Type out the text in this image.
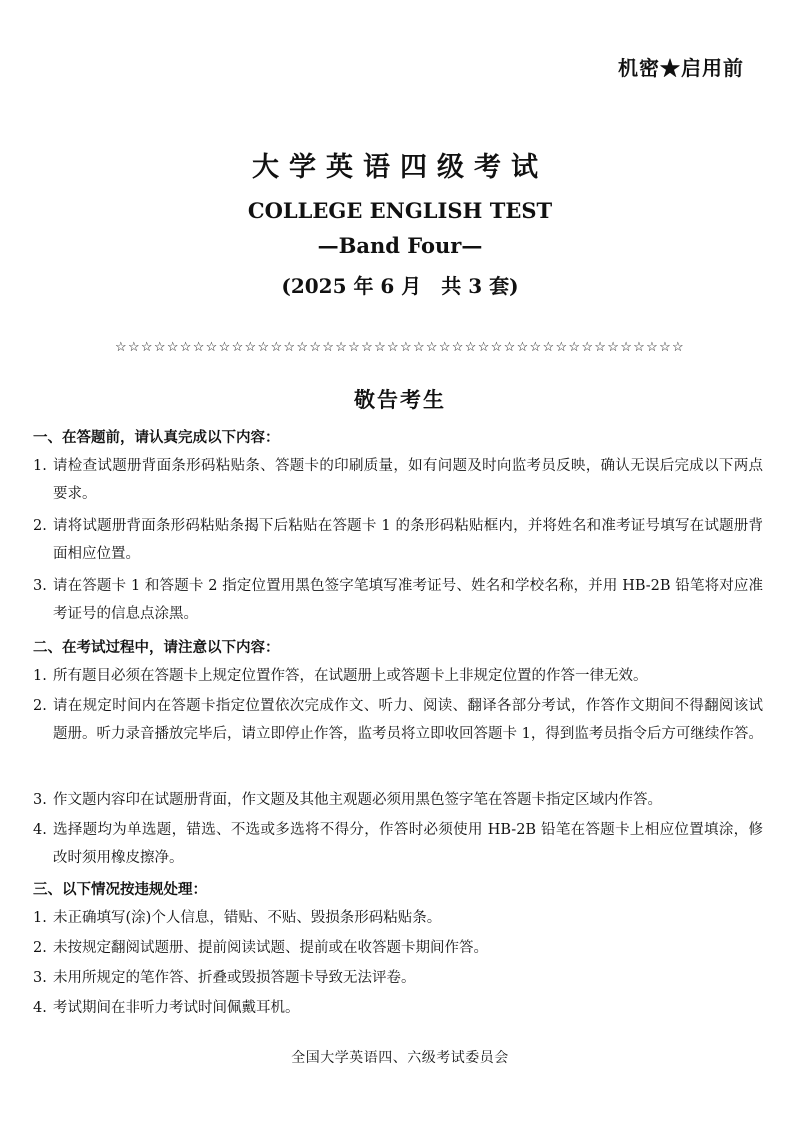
机密★启用前
大学英语四级考试
COLLEGE ENGLISH TEST
—Band Four—
(2025 年 6 月　共 3 套)
☆☆☆☆☆☆☆☆☆☆☆☆☆☆☆☆☆☆☆☆☆☆☆☆☆☆☆☆☆☆☆☆☆☆☆☆☆☆☆☆☆☆☆☆
敬告考生
一、在答题前，请认真完成以下内容：
1. 请检查试题册背面条形码粘贴条、答题卡的印刷质量，如有问题及时向监考员反映，确认无误后完成以下两点要求。
2. 请将试题册背面条形码粘贴条揭下后粘贴在答题卡 1 的条形码粘贴框内，并将姓名和准考证号填写在试题册背面相应位置。
3. 请在答题卡 1 和答题卡 2 指定位置用黑色签字笔填写准考证号、姓名和学校名称，并用 HB-2B 铅笔将对应准考证号的信息点涂黑。
二、在考试过程中，请注意以下内容：
1. 所有题目必须在答题卡上规定位置作答，在试题册上或答题卡上非规定位置的作答一律无效。
2. 请在规定时间内在答题卡指定位置依次完成作文、听力、阅读、翻译各部分考试，作答作文期间不得翻阅该试题册。听力录音播放完毕后，请立即停止作答，监考员将立即收回答题卡 1，得到监考员指令后方可继续作答。
3. 作文题内容印在试题册背面，作文题及其他主观题必须用黑色签字笔在答题卡指定区域内作答。
4. 选择题均为单选题，错选、不选或多选将不得分，作答时必须使用 HB-2B 铅笔在答题卡上相应位置填涂，修改时须用橡皮擦净。
三、以下情况按违规处理：
1. 未正确填写(涂)个人信息，错贴、不贴、毁损条形码粘贴条。
2. 未按规定翻阅试题册、提前阅读试题、提前或在收答题卡期间作答。
3. 未用所规定的笔作答、折叠或毁损答题卡导致无法评卷。
4. 考试期间在非听力考试时间佩戴耳机。
全国大学英语四、六级考试委员会
